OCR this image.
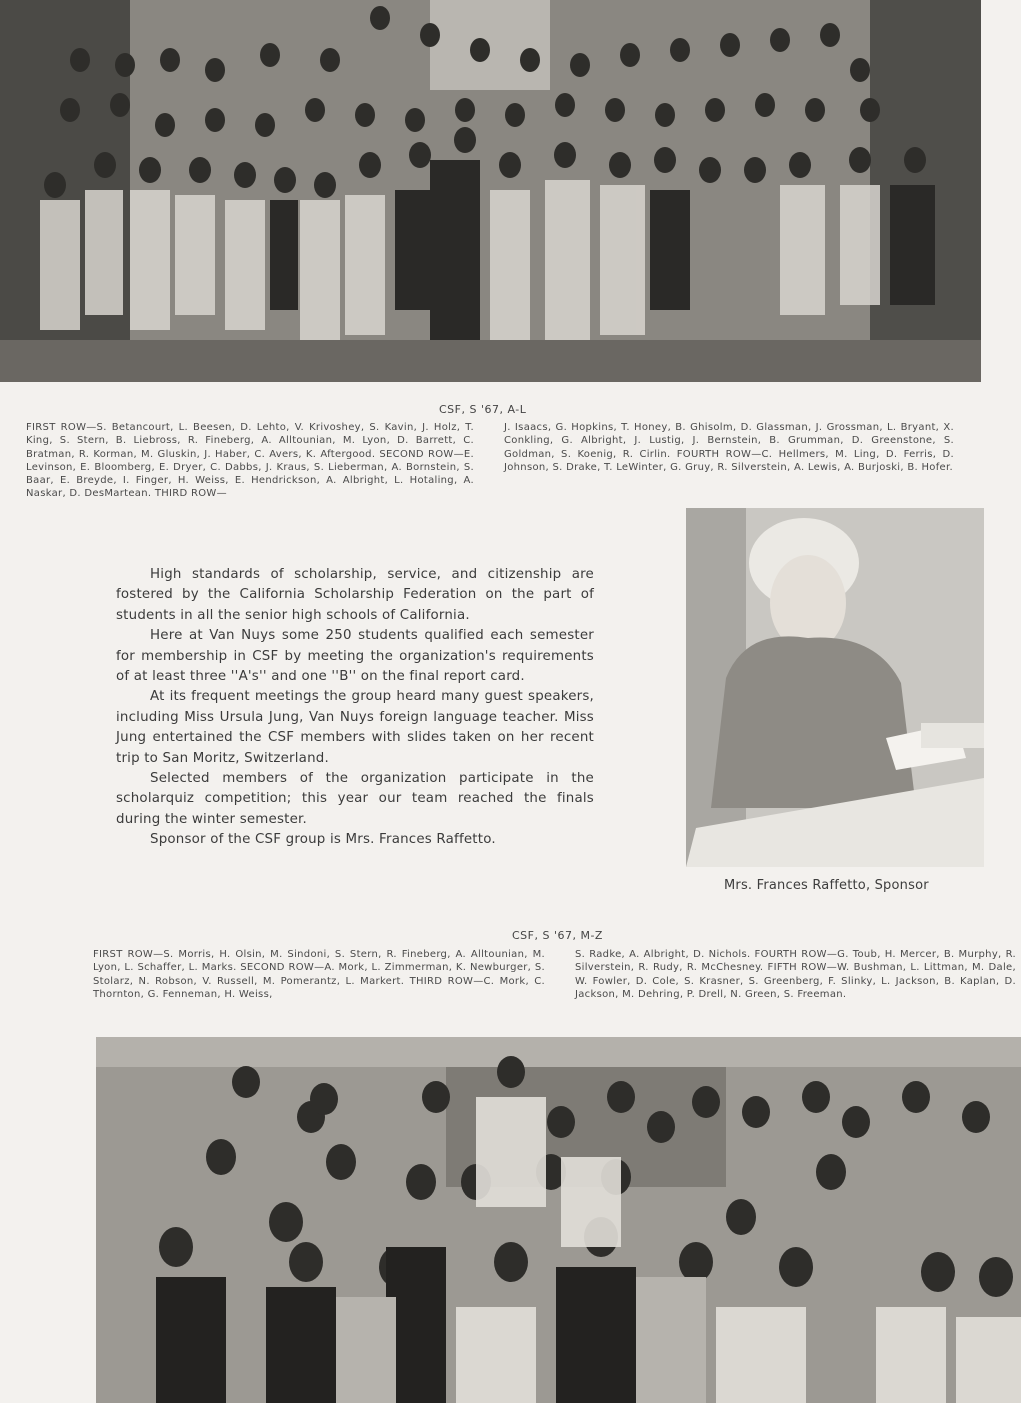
CSF, S '67, A-L
FIRST ROW—S. Betancourt, L. Beesen, D. Lehto, V. Krivoshey, S. Kavin, J. Holz, T. King, S. Stern, B. Liebross, R. Fineberg, A. Alltounian, M. Lyon, D. Barrett, C. Bratman, R. Korman, M. Gluskin, J. Haber, C. Avers, K. Aftergood. SECOND ROW—E. Levinson, E. Bloomberg, E. Dryer, C. Dabbs, J. Kraus, S. Lieberman, A. Bornstein, S. Baar, E. Breyde, I. Finger, H. Weiss, E. Hendrickson, A. Albright, L. Hotaling, A. Naskar, D. DesMartean. THIRD ROW—
J. Isaacs, G. Hopkins, T. Honey, B. Ghisolm, D. Glassman, J. Grossman, L. Bryant, X. Conkling, G. Albright, J. Lustig, J. Bernstein, B. Grumman, D. Greenstone, S. Goldman, S. Koenig, R. Cirlin. FOURTH ROW—C. Hellmers, M. Ling, D. Ferris, D. Johnson, S. Drake, T. LeWinter, G. Gruy, R. Silverstein, A. Lewis, A. Burjoski, B. Hofer.

High standards of scholarship, service, and citizenship are fostered by the California Scholarship Federation on the part of students in all the senior high schools of California.

Here at Van Nuys some 250 students qualified each semester for membership in CSF by meeting the organization's requirements of at least three ''A's'' and one ''B'' on the final report card.

At its frequent meetings the group heard many guest speakers, including Miss Ursula Jung, Van Nuys foreign language teacher. Miss Jung entertained the CSF members with slides taken on her recent trip to San Moritz, Switzerland.

Selected members of the organization participate in the scholarquiz competition; this year our team reached the finals during the winter semester.

Sponsor of the CSF group is Mrs. Frances Raffetto.

Mrs. Frances Raffetto, Sponsor
CSF, S '67, M-Z
FIRST ROW—S. Morris, H. Olsin, M. Sindoni, S. Stern, R. Fineberg, A. Alltounian, M. Lyon, L. Schaffer, L. Marks. SECOND ROW—A. Mork, L. Zimmerman, K. Newburger, S. Stolarz, N. Robson, V. Russell, M. Pomerantz, L. Markert. THIRD ROW—C. Mork, C. Thornton, G. Fenneman, H. Weiss,
S. Radke, A. Albright, D. Nichols. FOURTH ROW—G. Toub, H. Mercer, B. Murphy, R. Silverstein, R. Rudy, R. McChesney. FIFTH ROW—W. Bushman, L. Littman, M. Dale, W. Fowler, D. Cole, S. Krasner, S. Greenberg, F. Slinky, L. Jackson, B. Kaplan, D. Jackson, M. Dehring, P. Drell, N. Green, S. Freeman.
